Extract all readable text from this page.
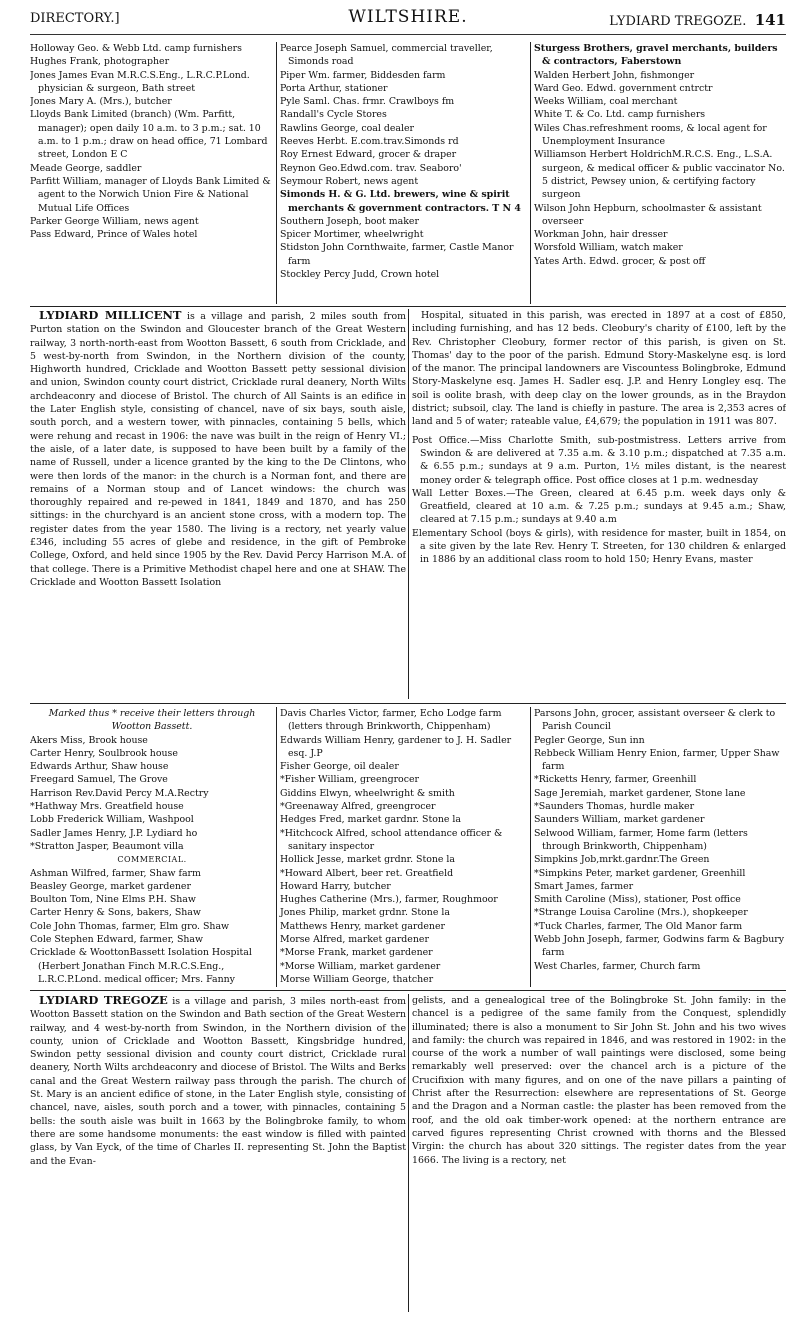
DIRECTORY.]	WILTSHIRE.	LYDIARD TREGOZE. 141
Holloway Geo. & Webb Ltd. camp furnishers
Hughes Frank, photographer
Jones James Evan M.R.C.S.Eng., L.R.C.P.Lond. physician & surgeon, Bath street
Jones Mary A. (Mrs.), butcher
Lloyds Bank Limited (branch) (Wm. Parfitt, manager); open daily 10 a.m. to 3 p.m.; sat. 10 a.m. to 1 p.m.; draw on head office, 71 Lombard street, London E C
Meade George, saddler
Parfitt William, manager of Lloyds Bank Limited & agent to the Norwich Union Fire & National Mutual Life Offices
Parker George William, news agent
Pass Edward, Prince of Wales hotel
Pearce Joseph Samuel, commercial traveller, Simonds road
Piper Wm. farmer, Biddesden farm
Porta Arthur, stationer
Pyle Saml. Chas. frmr. Crawlboys fm
Randall's Cycle Stores
Rawlins George, coal dealer
Reeves Herbt. E.com.trav.Simonds rd
Roy Ernest Edward, grocer & draper
Reynon Geo.Edwd.com. trav. Seaboro'
Seymour Robert, news agent
Simonds H. & G. Ltd. brewers, wine & spirit merchants & government contractors. T N 4
Southern Joseph, boot maker
Spicer Mortimer, wheelwright
Stidston John Cornthwaite, farmer, Castle Manor farm
Stockley Percy Judd, Crown hotel
Sturgess Brothers, gravel merchants, builders & contractors, Faberstown
Walden Herbert John, fishmonger
Ward Geo. Edwd. government cntrctr
Weeks William, coal merchant
White T. & Co. Ltd. camp furnishers
Wiles Chas.refreshment rooms, & local agent for Unemployment Insurance
Williamson Herbert HoldrichM.R.C.S. Eng., L.S.A. surgeon, & medical officer & public vaccinator No. 5 district, Pewsey union, & certifying factory surgeon
Wilson John Hepburn, schoolmaster & assistant overseer
Workman John, hair dresser
Worsfold William, watch maker
Yates Arth. Edwd. grocer, & post off
LYDIARD MILLICENT is a village and parish, 2 miles south from Purton station on the Swindon and Gloucester branch of the Great Western railway, 3 north-north-east from Wootton Bassett, 6 south from Cricklade, and 5 west-by-north from Swindon, in the Northern division of the county, Highworth hundred, Cricklade and Wootton Bassett petty sessional division and union, Swindon county court district, Cricklade rural deanery, North Wilts archdeaconry and diocese of Bristol. The church of All Saints is an edifice in the Later English style, consisting of chancel, nave of six bays, south aisle, south porch, and a western tower, with pinnacles, containing 5 bells, which were rehung and recast in 1906: the nave was built in the reign of Henry VI.; the aisle, of a later date, is supposed to have been built by a family of the name of Russell, under a licence granted by the king to the De Clintons, who were then lords of the manor: in the church is a Norman font, and there are remains of a Norman stoup and of Lancet windows: the church was thoroughly repaired and re-pewed in 1841, 1849 and 1870, and has 250 sittings: in the churchyard is an ancient stone cross, with a modern top. The register dates from the year 1580. The living is a rectory, net yearly value £346, including 55 acres of glebe and residence, in the gift of Pembroke College, Oxford, and held since 1905 by the Rev. David Percy Harrison M.A. of that college. There is a Primitive Methodist chapel here and one at SHAW. The Cricklade and Wootton Bassett Isolation
Hospital, situated in this parish, was erected in 1897 at a cost of £850, including furnishing, and has 12 beds. Cleobury's charity of £100, left by the Rev. Christopher Cleobury, former rector of this parish, is given on St. Thomas' day to the poor of the parish. Edmund Story-Maskelyne esq. is lord of the manor. The principal landowners are Viscountess Bolingbroke, Edmund Story-Maskelyne esq. James H. Sadler esq. J.P. and Henry Longley esq. The soil is oolite brash, with deep clay on the lower grounds, as in the Braydon district; subsoil, clay. The land is chiefly in pasture. The area is 2,353 acres of land and 5 of water; rateable value, £4,679; the population in 1911 was 807.
Post Office.—Miss Charlotte Smith, sub-postmistress. Letters arrive from Swindon & are delivered at 7.35 a.m. & 3.10 p.m.; dispatched at 7.35 a.m. & 6.55 p.m.; sundays at 9 a.m. Purton, 1½ miles distant, is the nearest money order & telegraph office. Post office closes at 1 p.m. wednesday
Wall Letter Boxes.—The Green, cleared at 6.45 p.m. week days only & Greatfield, cleared at 10 a.m. & 7.25 p.m.; sundays at 9.45 a.m.; Shaw, cleared at 7.15 p.m.; sundays at 9.40 a.m
Elementary School (boys & girls), with residence for master, built in 1854, on a site given by the late Rev. Henry T. Streeten, for 130 children & enlarged in 1886 by an additional class room to hold 150; Henry Evans, master
Marked thus * receive their letters through Wootton Bassett.
Akers Miss, Brook house
Carter Henry, Soulbrook house
Edwards Arthur, Shaw house
Freegard Samuel, The Grove
Harrison Rev.David Percy M.A.Rectry
*Hathway Mrs. Greatfield house
Lobb Frederick William, Washpool
Sadler James Henry, J.P. Lydiard ho
*Stratton Jasper, Beaumont villa
COMMERCIAL.
Ashman Wilfred, farmer, Shaw farm
Beasley George, market gardener
Boulton Tom, Nine Elms P.H. Shaw
Carter Henry & Sons, bakers, Shaw
Cole John Thomas, farmer, Elm gro. Shaw
Cole Stephen Edward, farmer, Shaw
Cricklade & WoottonBassett Isolation Hospital (Herbert Jonathan Finch M.R.C.S.Eng., L.R.C.P.Lond. medical officer; Mrs. Fanny
Davis Charles Victor, farmer, Echo Lodge farm (letters through Brinkworth, Chippenham)
Edwards William Henry, gardener to J. H. Sadler esq. J.P
Fisher George, oil dealer
*Fisher William, greengrocer
Giddins Elwyn, wheelwright & smith
*Greenaway Alfred, greengrocer
Hedges Fred, market gardnr. Stone la
*Hitchcock Alfred, school attendance officer & sanitary inspector
Hollick Jesse, market grdnr. Stone la
*Howard Albert, beer ret. Greatfield
Howard Harry, butcher
Hughes Catherine (Mrs.), farmer, Roughmoor
Jones Philip, market grdnr. Stone la
Matthews Henry, market gardener
Morse Alfred, market gardener
*Morse Frank, market gardener
*Morse William, market gardener
Morse William George, thatcher
Parsons John, grocer, assistant overseer & clerk to Parish Council
Pegler George, Sun inn
Rebbeck William Henry Enion, farmer, Upper Shaw farm
*Ricketts Henry, farmer, Greenhill
Sage Jeremiah, market gardener, Stone lane
*Saunders Thomas, hurdle maker
Saunders William, market gardener
Selwood William, farmer, Home farm (letters through Brinkworth, Chippenham)
Simpkins Job,mrkt.gardnr.The Green
*Simpkins Peter, market gardener, Greenhill
Smart James, farmer
Smith Caroline (Miss), stationer, Post office
*Strange Louisa Caroline (Mrs.), shopkeeper
*Tuck Charles, farmer, The Old Manor farm
Webb John Joseph, farmer, Godwins farm & Bagbury farm
West Charles, farmer, Church farm
LYDIARD TREGOZE is a village and parish, 3 miles north-east from Wootton Bassett station on the Swindon and Bath section of the Great Western railway, and 4 west-by-north from Swindon, in the Northern division of the county, union of Cricklade and Wootton Bassett, Kingsbridge hundred, Swindon petty sessional division and county court district, Cricklade rural deanery, North Wilts archdeaconry and diocese of Bristol. The Wilts and Berks canal and the Great Western railway pass through the parish. The church of St. Mary is an ancient edifice of stone, in the Later English style, consisting of chancel, nave, aisles, south porch and a tower, with pinnacles, containing 5 bells: the south aisle was built in 1663 by the Bolingbroke family, to whom there are some handsome monuments: the east window is filled with painted glass, by Van Eyck, of the time of Charles II. representing St. John the Baptist and the Evan-
gelists, and a genealogical tree of the Bolingbroke St. John family: in the chancel is a pedigree of the same family from the Conquest, splendidly illuminated; there is also a monument to Sir John St. John and his two wives and family: the church was repaired in 1846, and was restored in 1902: in the course of the work a number of wall paintings were disclosed, some being remarkably well preserved: over the chancel arch is a picture of the Crucifixion with many figures, and on one of the nave pillars a painting of Christ after the Resurrection: elsewhere are representations of St. George and the Dragon and a Norman castle: the plaster has been removed from the roof, and the old oak timber-work opened: at the northern entrance are carved figures representing Christ crowned with thorns and the Blessed Virgin: the church has about 320 sittings. The register dates from the year 1666. The living is a rectory, net
